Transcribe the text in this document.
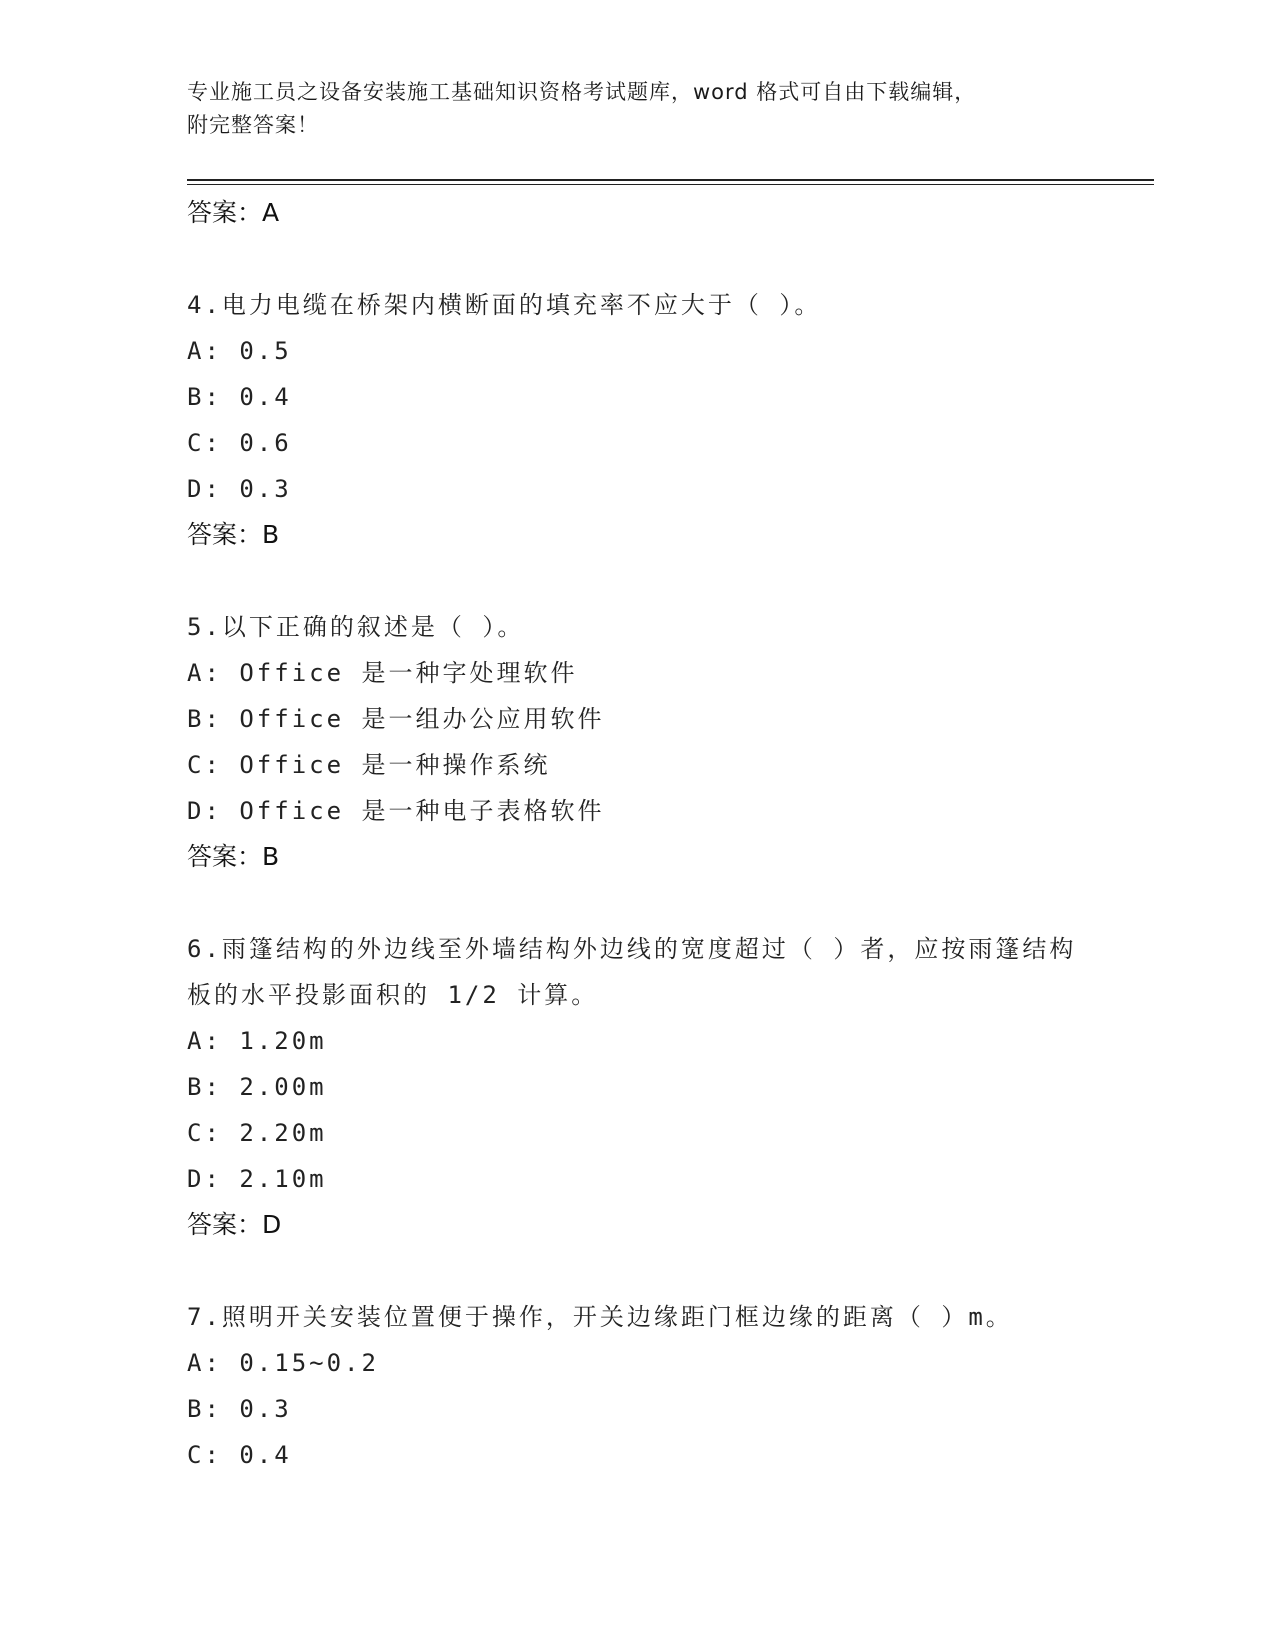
专业施工员之设备安装施工基础知识资格考试题库，word 格式可自由下载编辑，
附完整答案！
答案：A
4.电力电缆在桥架内横断面的填充率不应大于（ ）。
A: 0.5
B: 0.4
C: 0.6
D: 0.3
答案：B
5.以下正确的叙述是（ ）。
A: Office 是一种字处理软件
B: Office 是一组办公应用软件
C: Office 是一种操作系统
D: Office 是一种电子表格软件
答案：B
6.雨篷结构的外边线至外墙结构外边线的宽度超过（ ）者，应按雨篷结构板的水平投影面积的 1/2 计算。
A: 1.20m
B: 2.00m
C: 2.20m
D: 2.10m
答案：D
7.照明开关安装位置便于操作，开关边缘距门框边缘的距离（ ）m。
A: 0.15~0.2
B: 0.3
C: 0.4
